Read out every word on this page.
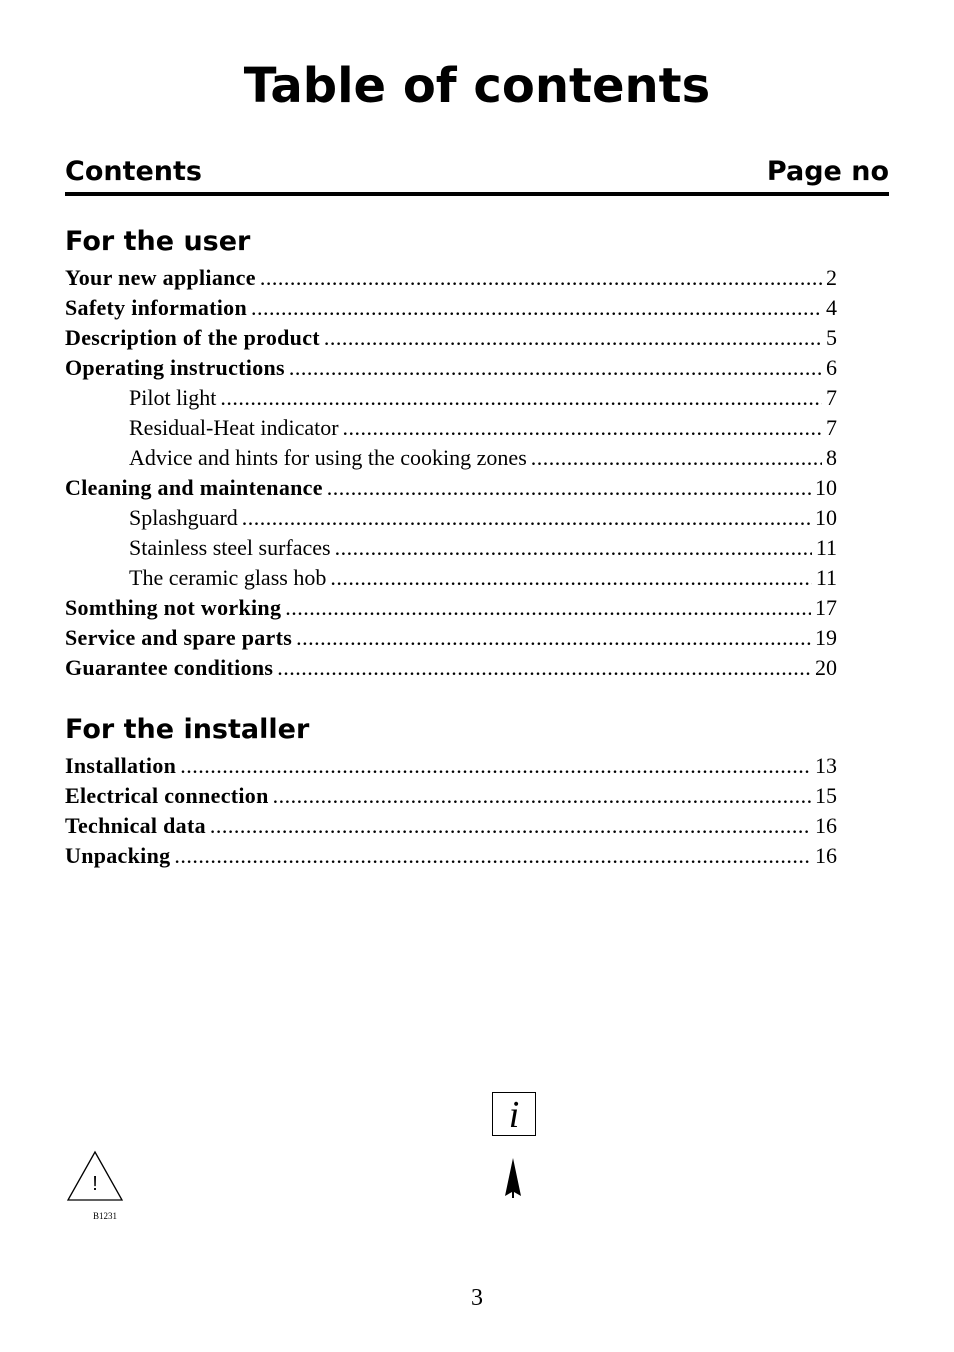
Table of contents
Contents	Page no
For the user
Your new appliance .....	2
Safety information .....	4
Description of the product .....	5
Operating instructions .....	6
Pilot light .....	7
Residual-Heat indicator .....	7
Advice and hints for using the cooking zones .....	8
Cleaning and maintenance .....	10
Splashguard .....	10
Stainless steel surfaces .....	11
The ceramic glass hob .....	11
Somthing not working .....	17
Service and spare parts .....	19
Guarantee conditions .....	20
For the installer
Installation .....	13
Electrical connection .....	15
Technical data .....	16
Unpacking .....	16
i
!
B1231
3
